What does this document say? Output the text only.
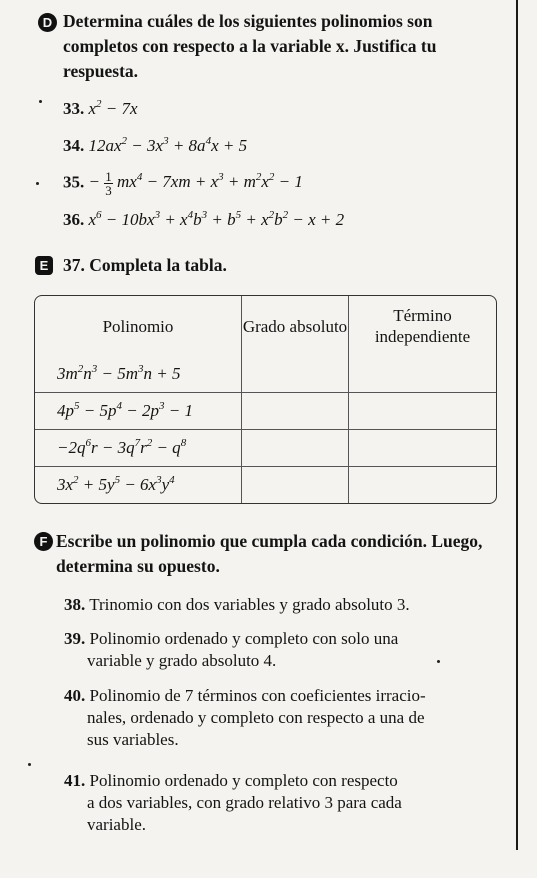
D Determina cuáles de los siguientes polinomios son completos con respecto a la variable x. Justifica tu respuesta.
33. $x^2 - 7x$
34. $12ax^2 - 3x^3 + 8a^4x + 5$
35. − $\frac{1}{3} mx^4 - 7xm + x^3 + m^2x^2 - 1$
36. $x^6 - 10bx^3 + x^4b^3 + b^5 + x^2b^2 - x + 2$
E 37. Completa la tabla.
Polinomio	Grado absoluto	Término independiente
$3m^2n^3 - 5m^3n + 5$		
$4p^5 - 5p^4 - 2p^3 - 1$		
$-2q^6r - 3q^7r^2 - q^8$		
$3x^2 + 5y^5 - 6x^3y^4$		
F Escribe un polinomio que cumpla cada condición. Luego, determina su opuesto.
38. Trinomio con dos variables y grado absoluto 3.
39. Polinomio ordenado y completo con solo una
variable y grado absoluto 4.
40. Polinomio de 7 términos con coeficientes irracio-
nales, ordenado y completo con respecto a una de
sus variables.
41. Polinomio ordenado y completo con respecto
a dos variables, con grado relativo 3 para cada
variable.
